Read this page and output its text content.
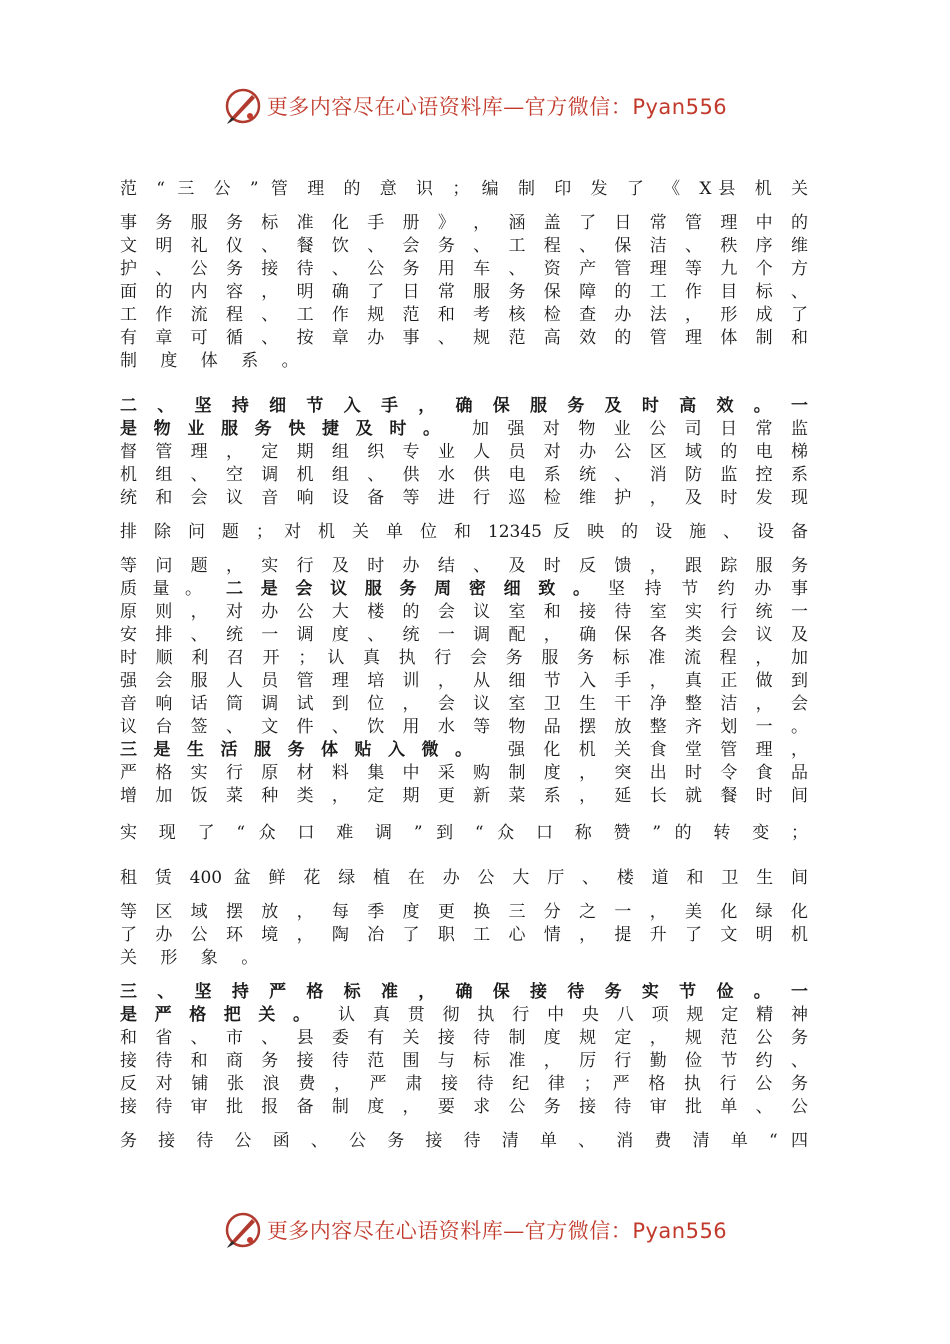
更多内容尽在心语资料库—官方微信：Pyan556
范 “ 三 公 ” 管 理 的 意 识 ； 编 制 印 发 了 《 X县 机 关
事 务 服 务 标 准 化 手 册 》 ， 涵 盖 了 日 常 管 理 中 的
文 明 礼 仪 、 餐 饮 、 会 务 、 工 程 、 保 洁 、 秩 序 维
护 、 公 务 接 待 、 公 务 用 车 、 资 产 管 理 等 九 个 方
面 的 内 容 ， 明 确 了 日 常 服 务 保 障 的 工 作 目 标 、
工 作 流 程 、 工 作 规 范 和 考 核 检 查 办 法 ， 形 成 了
有 章 可 循 、 按 章 办 事 、 规 范 高 效 的 管 理 体 制 和
制 度 体 系 。
二 、 坚 持 细 节 入 手 ， 确 保 服 务 及 时 高 效 。 一
是 物 业 服 务 快 捷 及 时 。 加 强 对 物 业 公 司 日 常 监
督 管 理 ， 定 期 组 织 专 业 人 员 对 办 公 区 域 的 电 梯
机 组 、 空 调 机 组 、 供 水 供 电 系 统 、 消 防 监 控 系
统 和 会 议 音 响 设 备 等 进 行 巡 检 维 护 ， 及 时 发 现
排 除 问 题 ； 对 机 关 单 位 和 12345 反 映 的 设 施 、 设 备
等 问 题 ， 实 行 及 时 办 结 、 及 时 反 馈 ， 跟 踪 服 务
质 量 。 二 是 会 议 服 务 周 密 细 致 。 坚 持 节 约 办 事
原 则 ， 对 办 公 大 楼 的 会 议 室 和 接 待 室 实 行 统 一
安 排 、 统 一 调 度 、 统 一 调 配 ， 确 保 各 类 会 议 及
时 顺 利 召 开 ； 认 真 执 行 会 务 服 务 标 准 流 程 ， 加
强 会 服 人 员 管 理 培 训 ， 从 细 节 入 手 ， 真 正 做 到
音 响 话 筒 调 试 到 位 ， 会 议 室 卫 生 干 净 整 洁 ， 会
议 台 签 、 文 件 、 饮 用 水 等 物 品 摆 放 整 齐 划 一 。
三 是 生 活 服 务 体 贴 入 微 。 强 化 机 关 食 堂 管 理 ，
严 格 实 行 原 材 料 集 中 采 购 制 度 ， 突 出 时 令 食 品
增 加 饭 菜 种 类 ， 定 期 更 新 菜 系 ， 延 长 就 餐 时 间
实 现 了 “ 众 口 难 调 ” 到 “ 众 口 称 赞 ” 的 转 变 ；
租 赁 400 盆 鲜 花 绿 植 在 办 公 大 厅 、 楼 道 和 卫 生 间
等 区 域 摆 放 ， 每 季 度 更 换 三 分 之 一 ， 美 化 绿 化
了 办 公 环 境 ， 陶 冶 了 职 工 心 情 ， 提 升 了 文 明 机
关 形 象 。
三 、 坚 持 严 格 标 准 ， 确 保 接 待 务 实 节 俭 。 一
是 严 格 把 关 。 认 真 贯 彻 执 行 中 央 八 项 规 定 精 神
和 省 、 市 、 县 委 有 关 接 待 制 度 规 定 ， 规 范 公 务
接 待 和 商 务 接 待 范 围 与 标 准 ， 厉 行 勤 俭 节 约 、
反 对 铺 张 浪 费 ， 严 肃 接 待 纪 律 ； 严 格 执 行 公 务
接 待 审 批 报 备 制 度 ， 要 求 公 务 接 待 审 批 单 、 公
务 接 待 公 函 、 公 务 接 待 清 单 、 消 费 清 单 “ 四
更多内容尽在心语资料库—官方微信：Pyan556
